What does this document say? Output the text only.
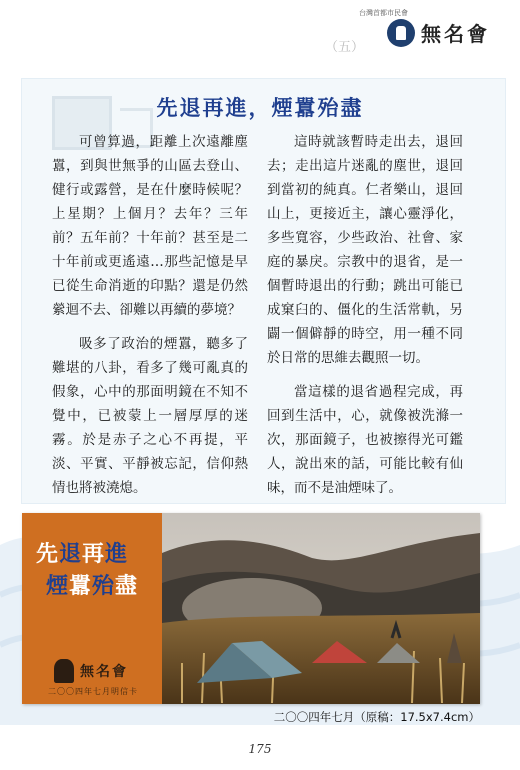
台灣首都市民會
無名會
（五）
先退再進，煙囂殆盡

可曾算過，距離上次遠離塵囂，到與世無爭的山區去登山、健行或露營，是在什麼時候呢？上星期？上個月？去年？三年前？五年前？十年前？甚至是二十年前或更遙遠…那些記憶是早已從生命消逝的印點？還是仍然縈迴不去、卻難以再續的夢境？

吸多了政治的煙囂，聽多了難堪的八卦，看多了幾可亂真的假象，心中的那面明鏡在不知不覺中，已被蒙上一層厚厚的迷霧。於是赤子之心不再提，平淡、平實、平靜被忘記，信仰熱情也將被澆熄。

這時就該暫時走出去，退回去；走出這片迷亂的塵世，退回到當初的純真。仁者樂山，退回山上，更接近主，讓心靈淨化，多些寬容，少些政治、社會、家庭的暴戾。宗教中的退省，是一個暫時退出的行動；跳出可能已成窠臼的、僵化的生活常軌，另闢一個僻靜的時空，用一種不同於日常的思維去觀照一切。

當這樣的退省過程完成，再回到生活中，心，就像被洗滌一次，那面鏡子，也被擦得光可鑑人，說出來的話，可能比較有仙味，而不是油煙味了。

先退再進
煙囂殆盡
無名會
二〇〇四年七月明信卡
二〇〇四年七月（原稿：17.5x7.4cm）
175
